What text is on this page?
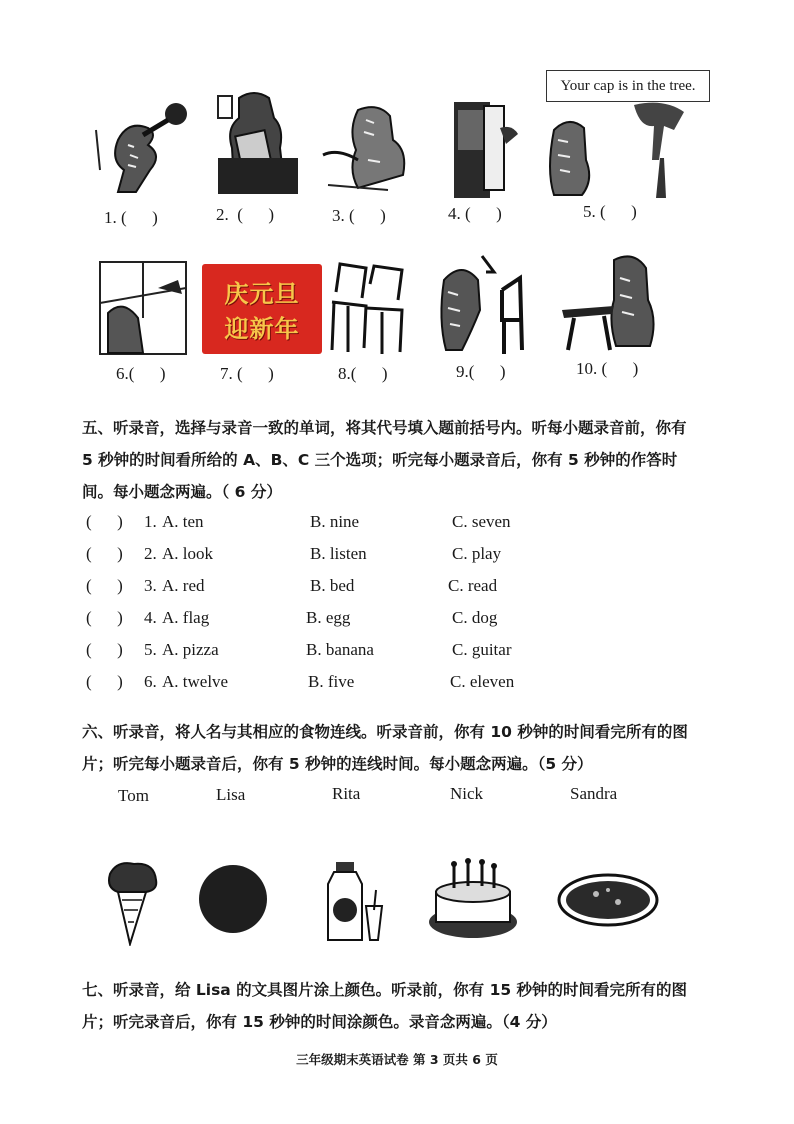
Your cap is in the tree.
1. (      )	2.  (      )	3. (      )	4. (      )	5. (      )
庆元旦
迎新年
6.(      )	7. (      )	8.(      )	9.(      )	10. (      )
五、听录音，选择与录音一致的单词，将其代号填入题前括号内。听每小题录音前，你有 5 秒钟的时间看所给的 A、B、C 三个选项；听完每小题录音后，你有 5 秒钟的作答时间。每小题念两遍。（ 6 分）
(      ) 1. A. ten	B. nine	C. seven
(      ) 2. A. look	B. listen	C. play
(      ) 3. A. red	B. bed	C. read
(      ) 4. A. flag	B. egg	C. dog
(      ) 5. A. pizza	B. banana	C. guitar
(      ) 6. A. twelve	B. five	C. eleven
六、听录音，将人名与其相应的食物连线。听录音前，你有 10 秒钟的时间看完所有的图片；听完每小题录音后，你有 5 秒钟的连线时间。每小题念两遍。（5 分）
Tom	Lisa	Rita	Nick	Sandra
七、听录音，给 Lisa 的文具图片涂上颜色。听录前，你有 15 秒钟的时间看完所有的图片；听完录音后，你有 15 秒钟的时间涂颜色。录音念两遍。（4 分）
三年级期末英语试卷 第 3 页共 6 页
